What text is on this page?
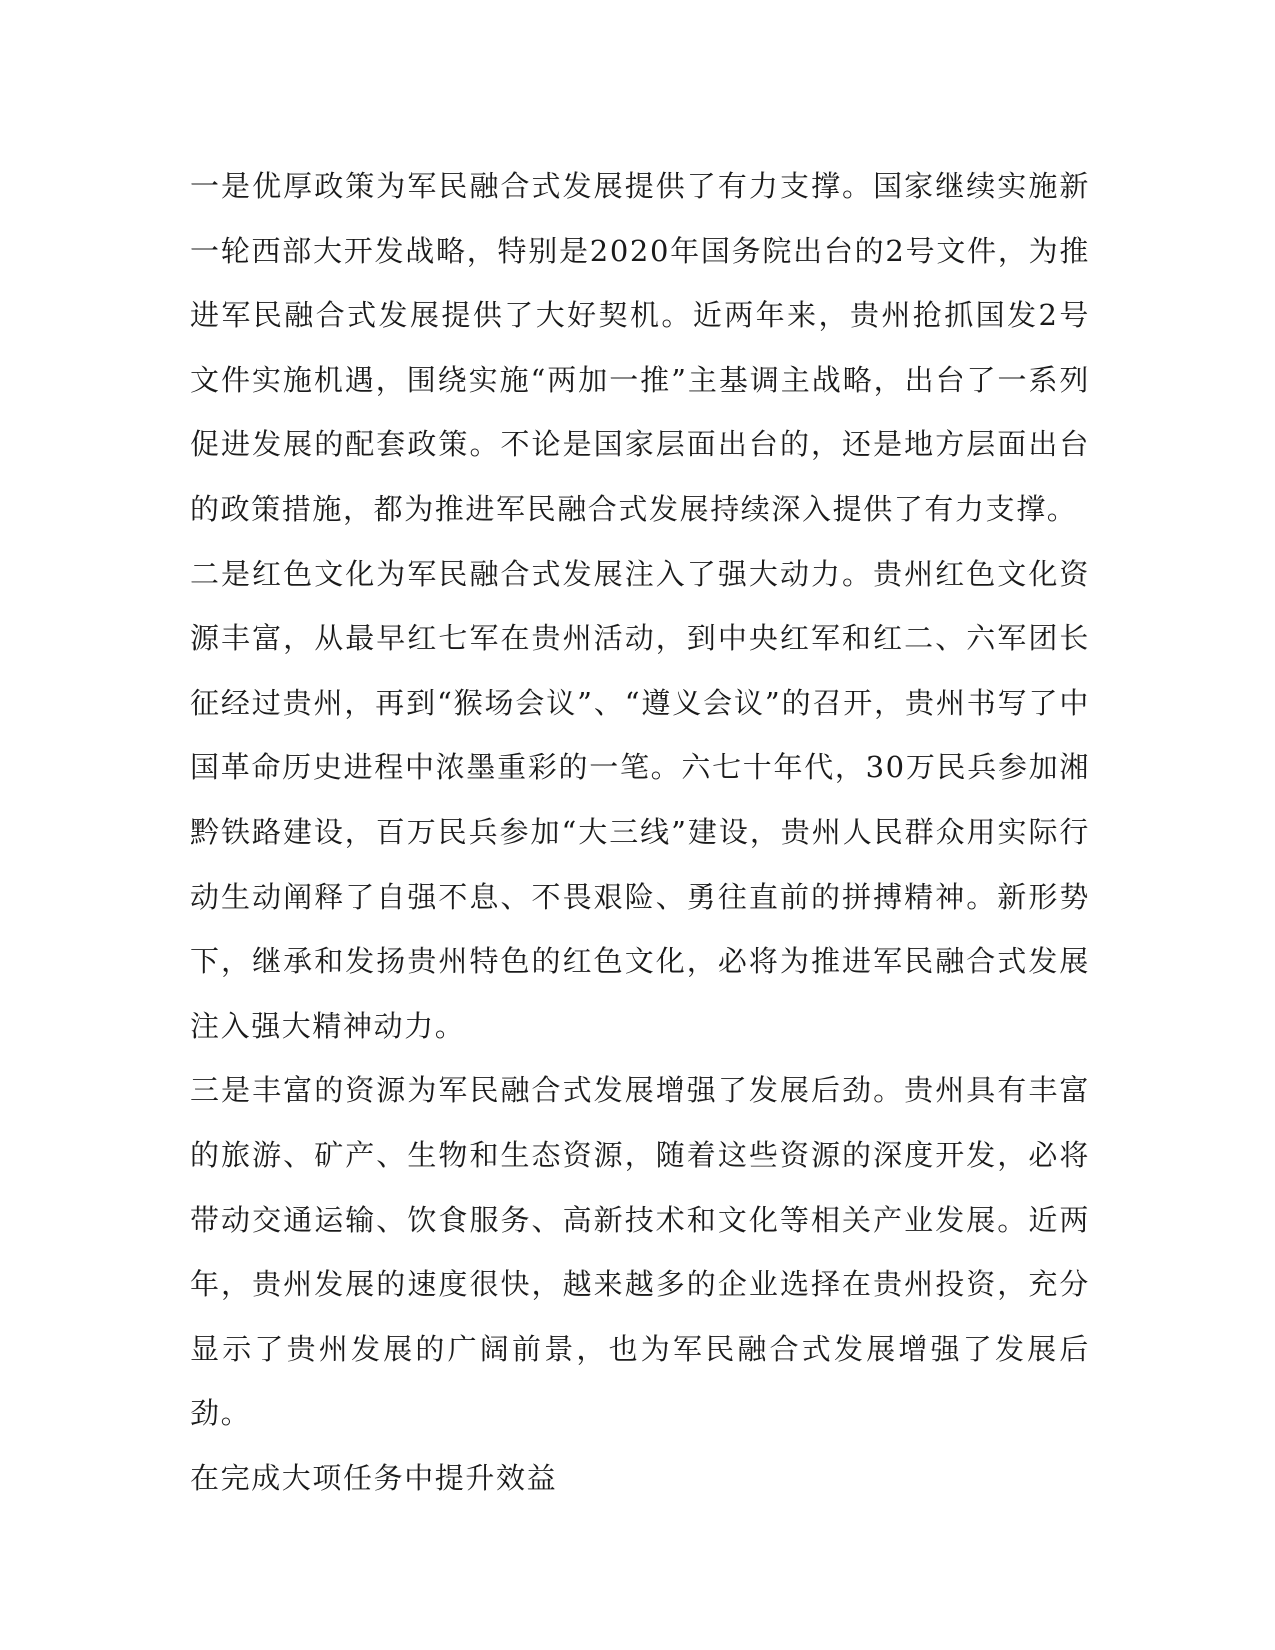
一是优厚政策为军民融合式发展提供了有力支撑。国家继续实施新一轮西部大开发战略，特别是2020年国务院出台的2号文件，为推进军民融合式发展提供了大好契机。近两年来，贵州抢抓国发2号文件实施机遇，围绕实施“两加一推”主基调主战略，出台了一系列促进发展的配套政策。不论是国家层面出台的，还是地方层面出台的政策措施，都为推进军民融合式发展持续深入提供了有力支撑。

二是红色文化为军民融合式发展注入了强大动力。贵州红色文化资源丰富，从最早红七军在贵州活动，到中央红军和红二、六军团长征经过贵州，再到“猴场会议”、“遵义会议”的召开，贵州书写了中国革命历史进程中浓墨重彩的一笔。六七十年代，30万民兵参加湘黔铁路建设，百万民兵参加“大三线”建设，贵州人民群众用实际行动生动阐释了自强不息、不畏艰险、勇往直前的拼搏精神。新形势下，继承和发扬贵州特色的红色文化，必将为推进军民融合式发展注入强大精神动力。

三是丰富的资源为军民融合式发展增强了发展后劲。贵州具有丰富的旅游、矿产、生物和生态资源，随着这些资源的深度开发，必将带动交通运输、饮食服务、高新技术和文化等相关产业发展。近两年，贵州发展的速度很快，越来越多的企业选择在贵州投资，充分显示了贵州发展的广阔前景，也为军民融合式发展增强了发展后劲。

在完成大项任务中提升效益
